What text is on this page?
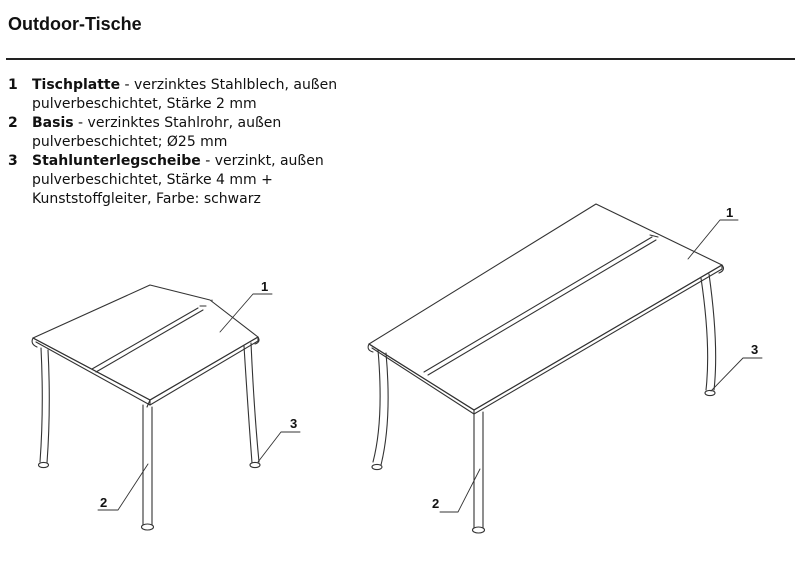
Outdoor-Tische
1	Tischplatte - verzinktes Stahlblech, außen pulverbeschichtet, Stärke 2 mm
2	Basis - verzinktes Stahlrohr, außen pulverbeschichtet; Ø25 mm
3	Stahlunterlegscheibe - verzinkt, außen pulverbeschichtet, Stärke 4 mm + Kunststoffgleiter, Farbe: schwarz
1
2
3
1
2
3
